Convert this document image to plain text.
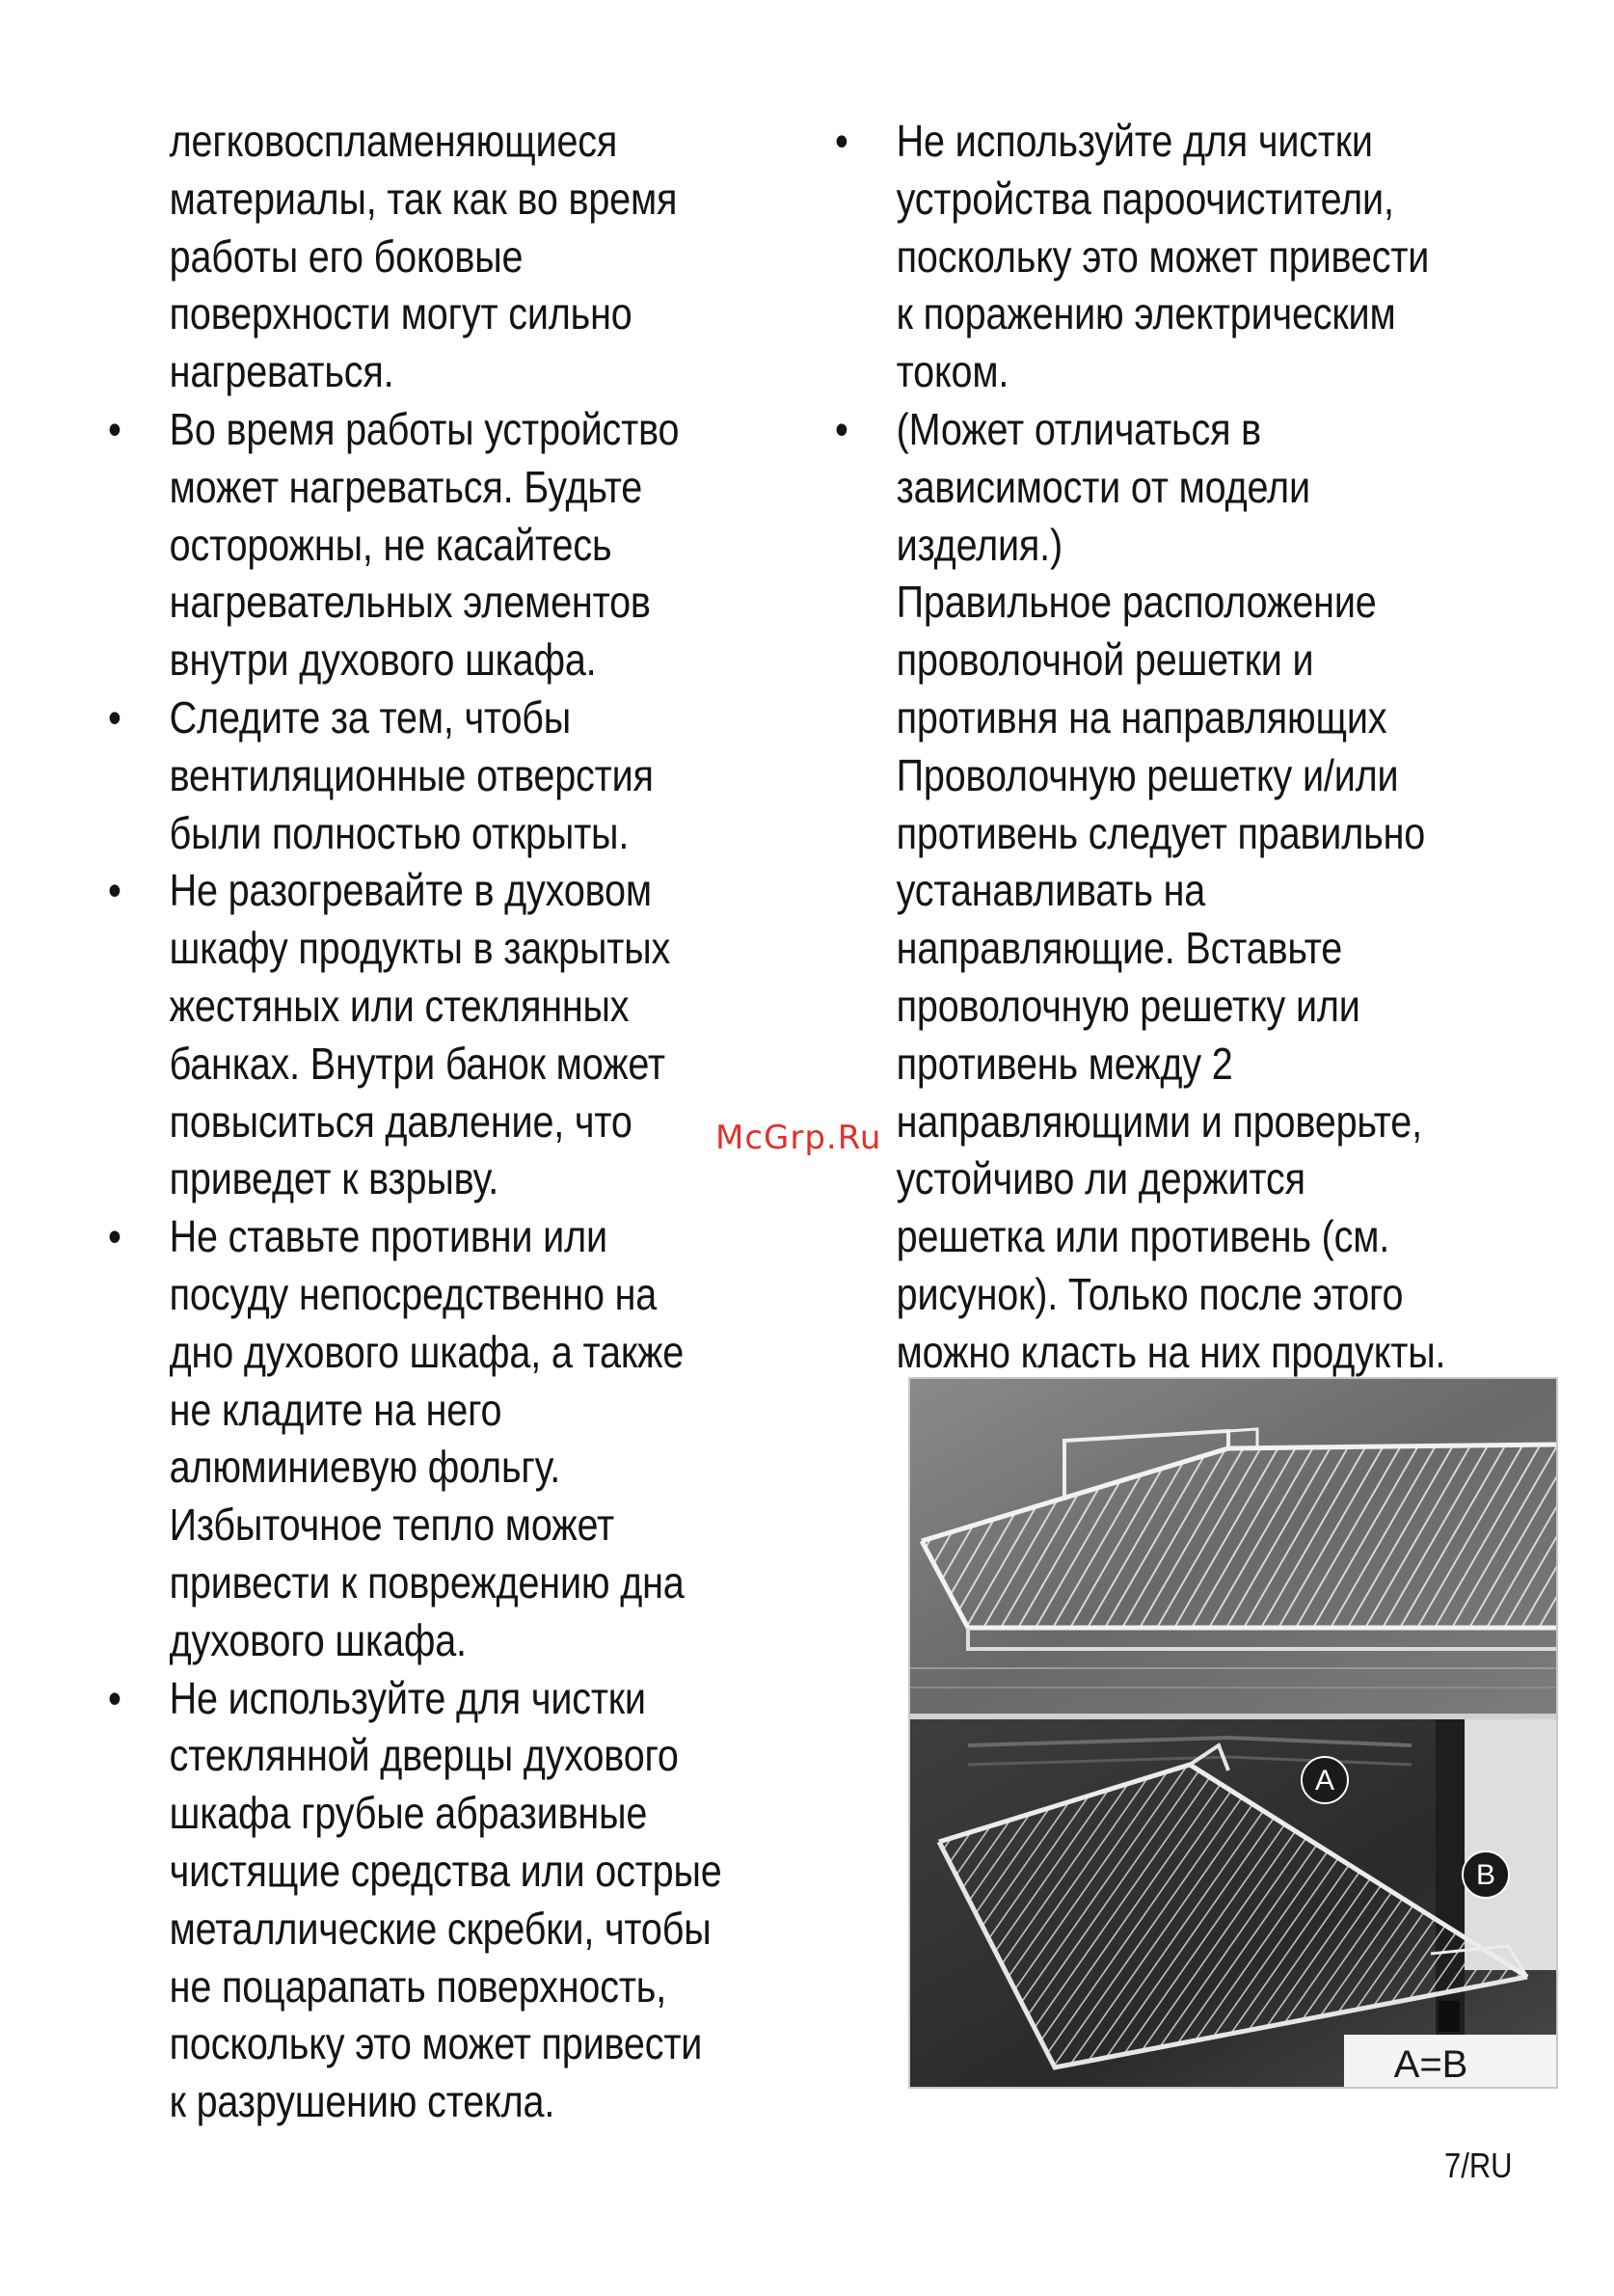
легковоспламеняющиеся
материалы, так как во время
работы его боковые
поверхности могут сильно
нагреваться.
• Во время работы устройство
может нагреваться. Будьте
осторожны, не касайтесь
нагревательных элементов
внутри духового шкафа.
• Следите за тем, чтобы
вентиляционные отверстия
были полностью открыты.
• Не разогревайте в духовом
шкафу продукты в закрытых
жестяных или стеклянных
банках. Внутри банок может
повыситься давление, что
приведет к взрыву.
• Не ставьте противни или
посуду непосредственно на
дно духового шкафа, а также
не кладите на него
алюминиевую фольгу.
Избыточное тепло может
привести к повреждению дна
духового шкафа.
• Не используйте для чистки
стеклянной дверцы духового
шкафа грубые абразивные
чистящие средства или острые
металлические скребки, чтобы
не поцарапать поверхность,
поскольку это может привести
к разрушению стекла.
• Не используйте для чистки
устройства пароочистители,
поскольку это может привести
к поражению электрическим
током.
• (Может отличаться в
зависимости от модели
изделия.)
Правильное расположение
проволочной решетки и
противня на направляющих
Проволочную решетку и/или
противень следует правильно
устанавливать на
направляющие. Вставьте
проволочную решетку или
противень между 2
направляющими и проверьте,
устойчиво ли держится
решетка или противень (см.
рисунок). Только после этого
можно класть на них продукты.
McGrp.Ru
A
B
A=B
7/RU
